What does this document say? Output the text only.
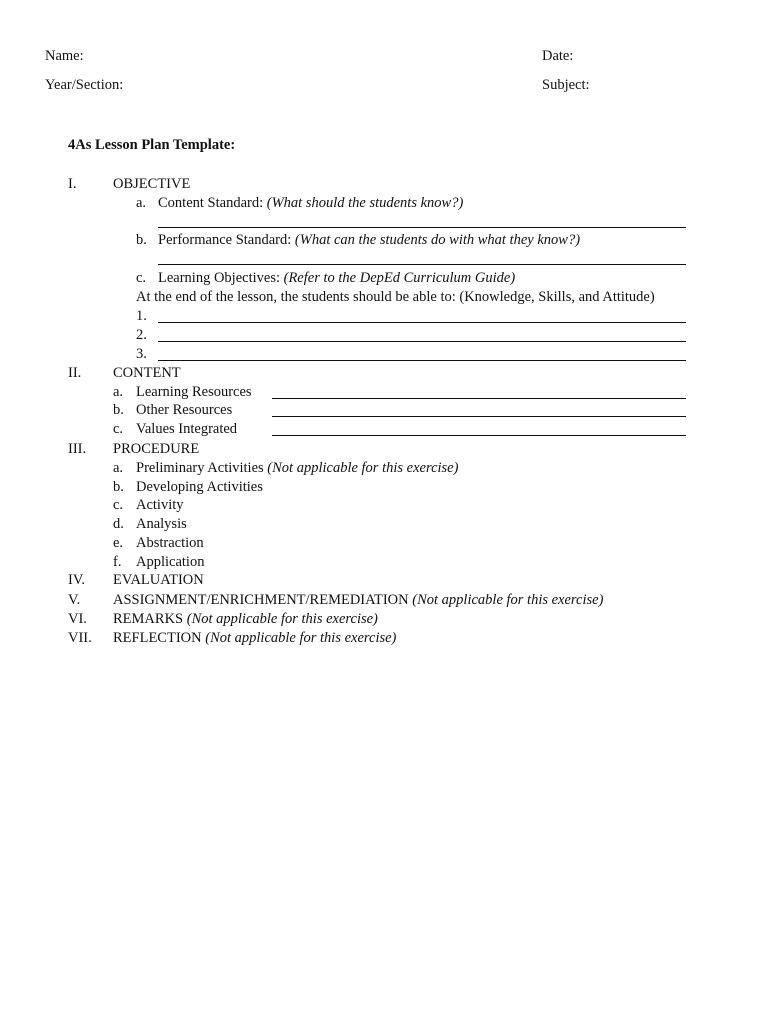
Name:	Date:
Year/Section:	Subject:
4As Lesson Plan Template:
I.	OBJECTIVE
a. Content Standard: (What should the students know?)
b. Performance Standard: (What can the students do with what they know?)
c. Learning Objectives: (Refer to the DepEd Curriculum Guide)
At the end of the lesson, the students should be able to: (Knowledge, Skills, and Attitude)
1.
2.
3.
II. CONTENT
a. Learning Resources
b. Other Resources
c. Values Integrated
III. PROCEDURE
a. Preliminary Activities (Not applicable for this exercise)
b. Developing Activities
c. Activity
d. Analysis
e. Abstraction
f. Application
IV. EVALUATION
V. ASSIGNMENT/ENRICHMENT/REMEDIATION (Not applicable for this exercise)
VI. REMARKS (Not applicable for this exercise)
VII. REFLECTION (Not applicable for this exercise)
